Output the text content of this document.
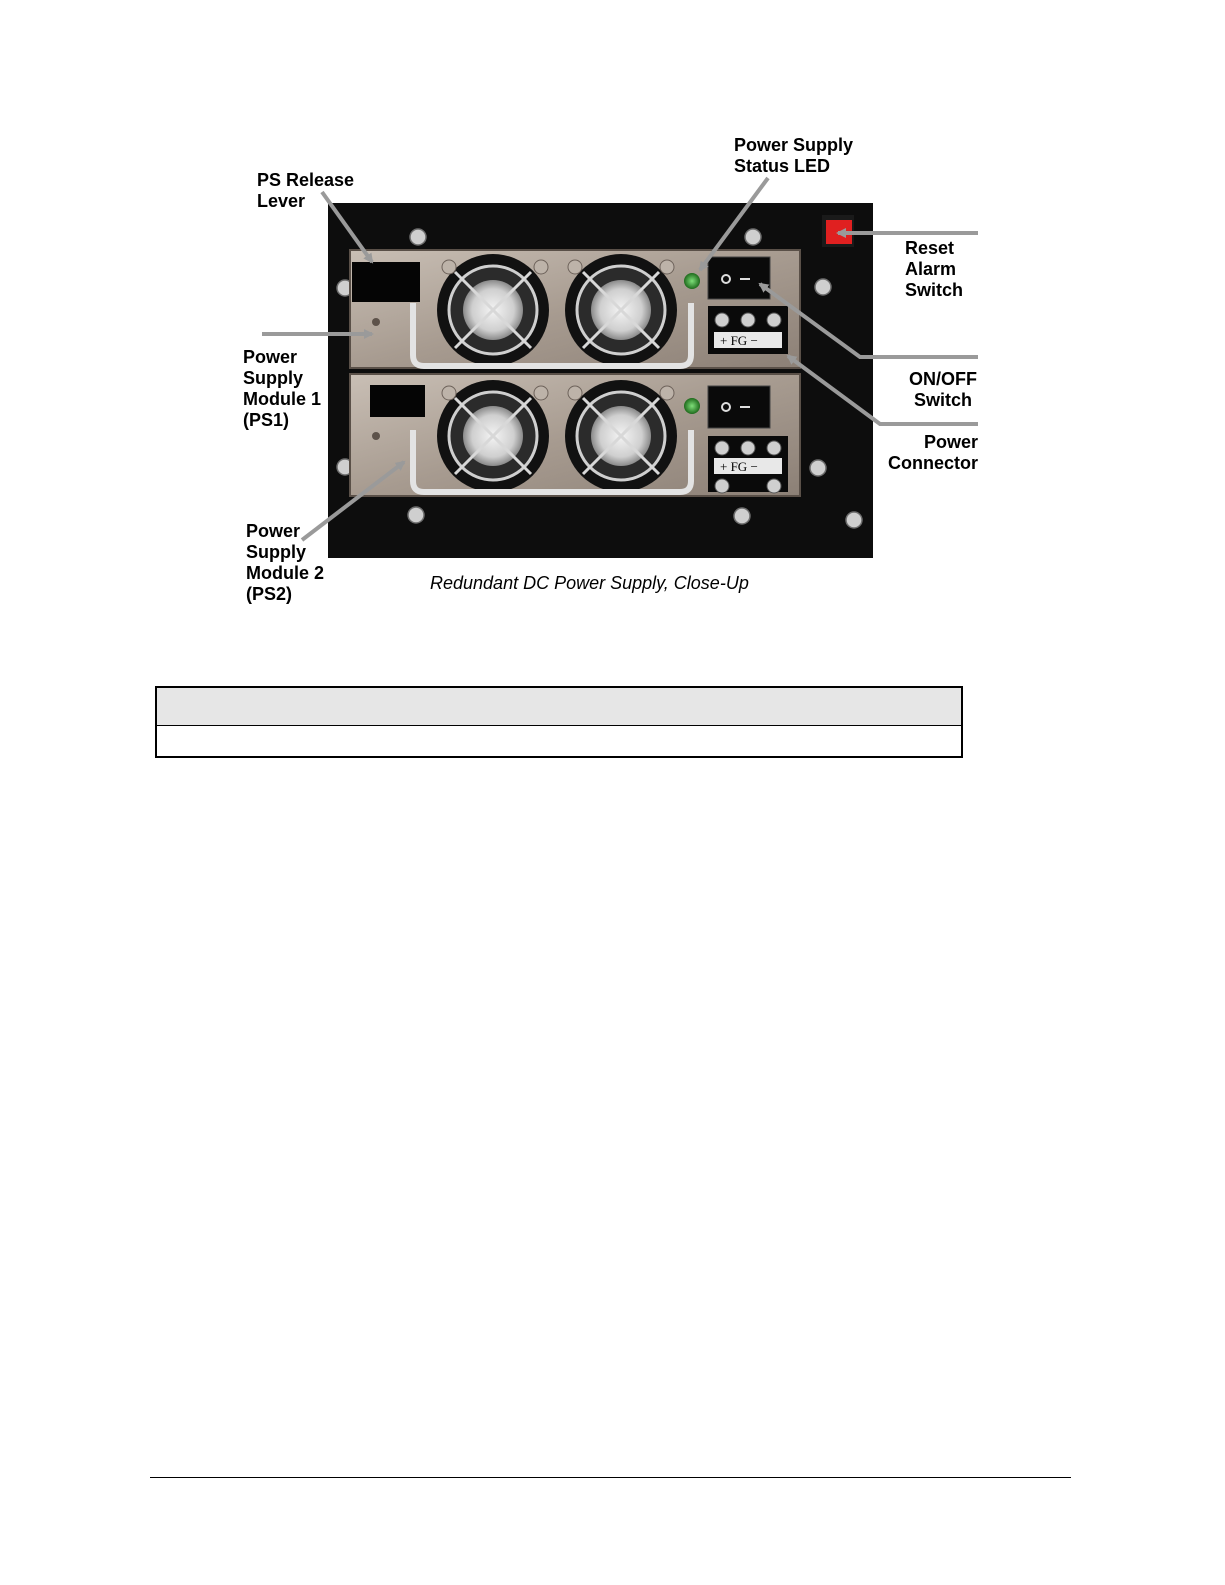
+ FG −
+ FG −
PS Release
Lever
Power Supply
Status LED
Reset
Alarm
Switch
Power
Supply
Module 1
(PS1)
ON/OFF
Switch
Power
Connector
Power
Supply
Module 2
(PS2)
Redundant DC Power Supply, Close-Up
